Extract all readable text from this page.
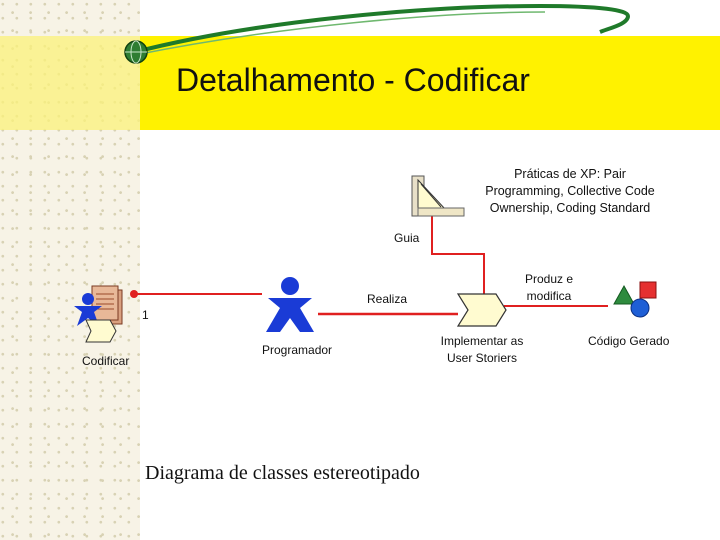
Detalhamento - Codificar
Práticas de XP: Pair
Programming, Collective Code
Ownership, Coding Standard
Guia
Realiza
Produz e
modifica
1
Codificar
Programador
Implementar as
User Storiers
Código Gerado
Diagrama de classes estereotipado
